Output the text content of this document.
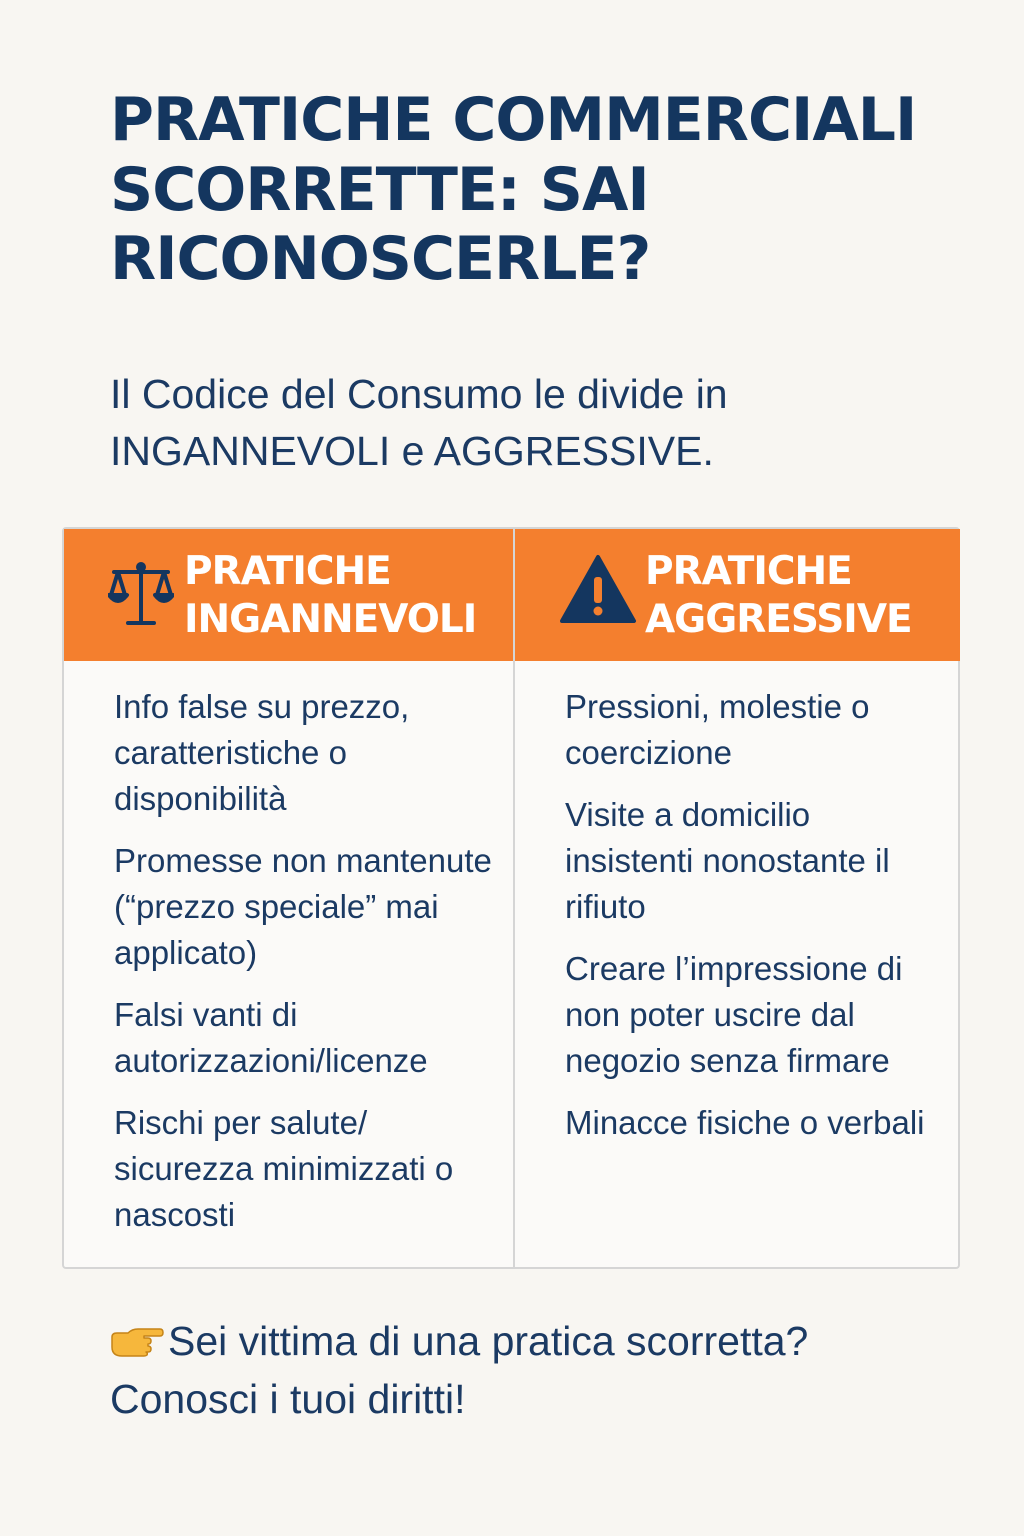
PRATICHE COMMERCIALI SCORRETTE: SAI RICONOSCERLE?

Il Codice del Consumo le divide in
INGANNEVOLI e AGGRESSIVE.

PRATICHE
INGANNEVOLI

Info false su prezzo, caratteristiche o disponibilità
Promesse non mantenute (“prezzo speciale” mai applicato)
Falsi vanti di autorizzazioni/licenze
Rischi per salute/ sicurezza minimizzati o nascosti

PRATICHE
AGGRESSIVE

Pressioni, molestie o coercizione
Visite a domicilio insistenti nonostante il rifiuto
Creare l’impressione di non poter uscire dal negozio senza firmare
Minacce fisiche o verbali

Sei vittima di una pratica scorretta?
Conosci i tuoi diritti!
